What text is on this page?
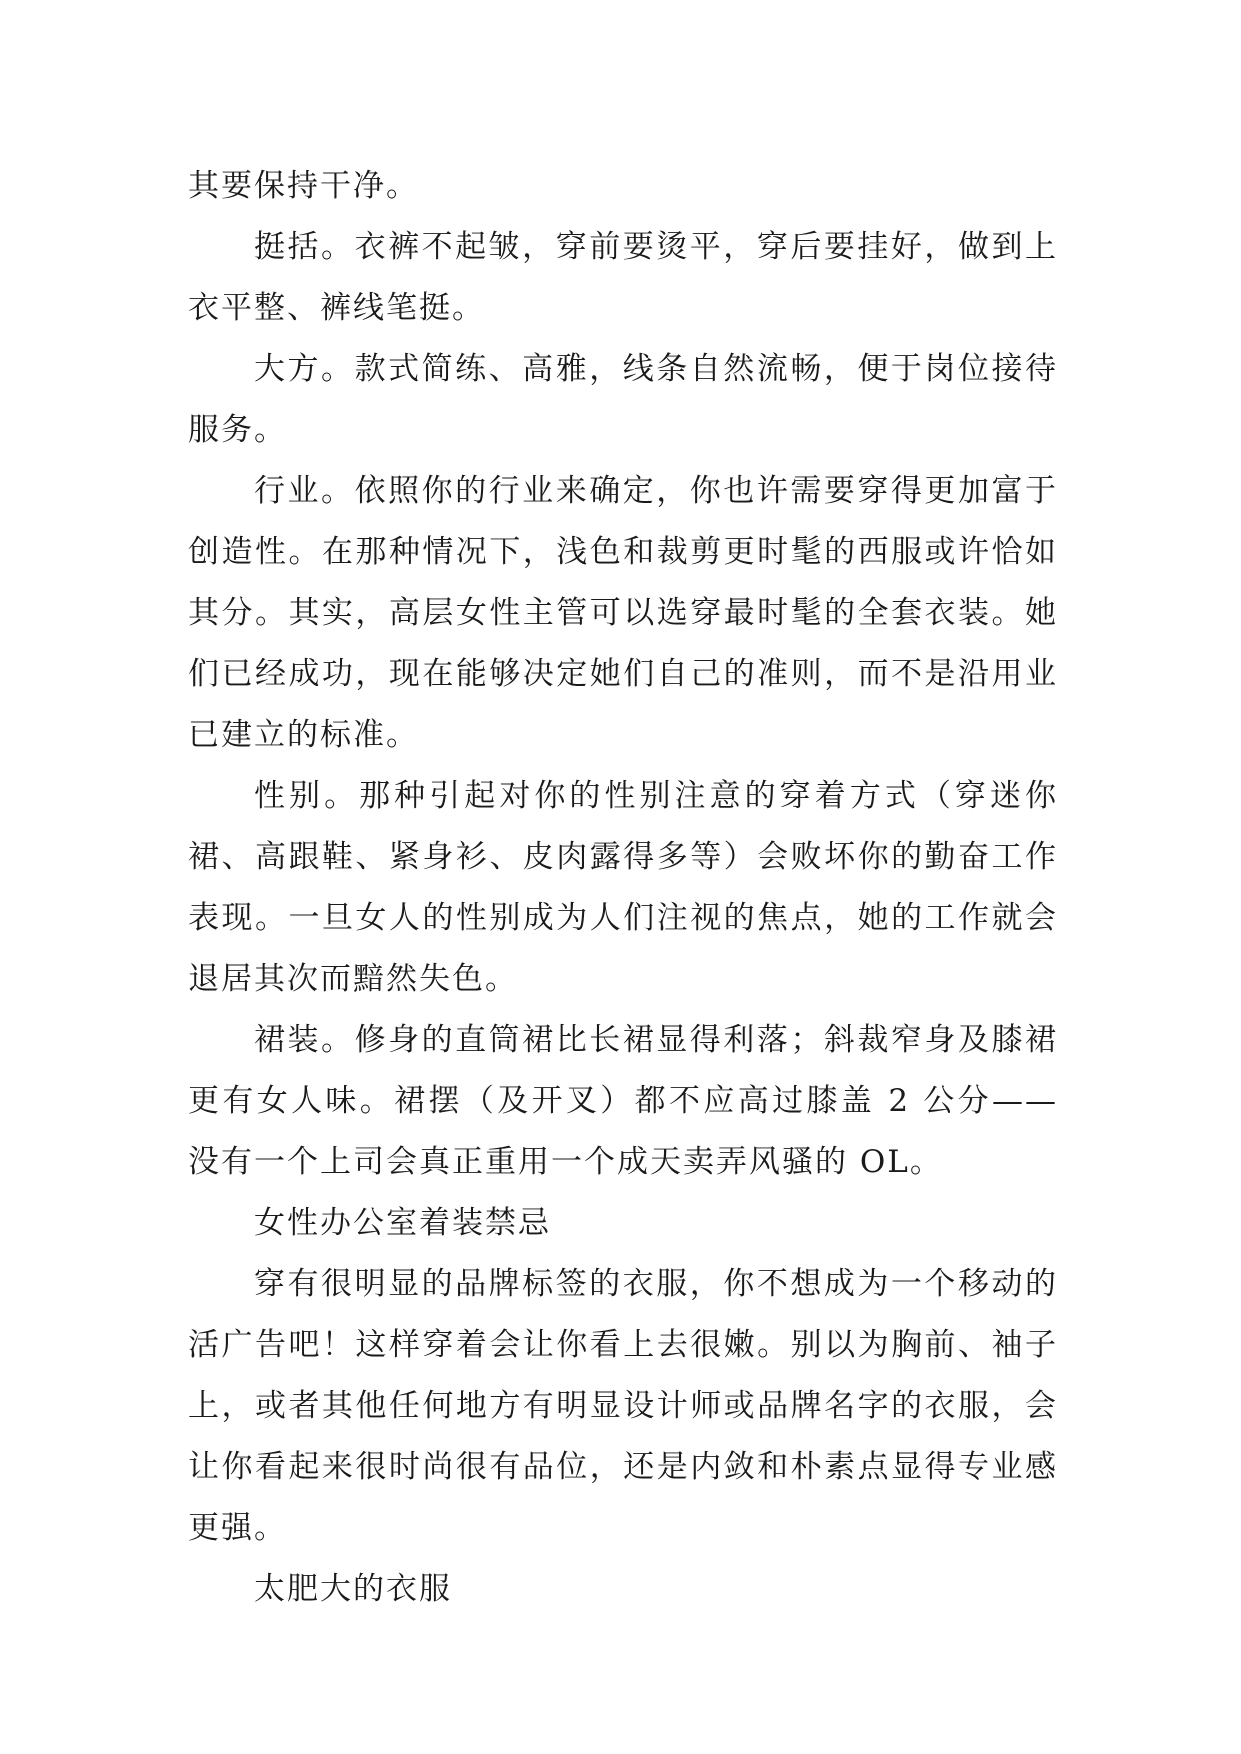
其要保持干净。

挺括。衣裤不起皱，穿前要烫平，穿后要挂好，做到上衣平整、裤线笔挺。

大方。款式简练、高雅，线条自然流畅，便于岗位接待服务。

行业。依照你的行业来确定，你也许需要穿得更加富于创造性。在那种情况下，浅色和裁剪更时髦的西服或许恰如其分。其实，高层女性主管可以选穿最时髦的全套衣装。她们已经成功，现在能够决定她们自己的准则，而不是沿用业已建立的标准。

性别。那种引起对你的性别注意的穿着方式（穿迷你裙、高跟鞋、紧身衫、皮肉露得多等）会败坏你的勤奋工作表现。一旦女人的性别成为人们注视的焦点，她的工作就会退居其次而黯然失色。

裙装。修身的直筒裙比长裙显得利落；斜裁窄身及膝裙更有女人味。裙摆（及开叉）都不应高过膝盖 2 公分——没有一个上司会真正重用一个成天卖弄风骚的 OL。

女性办公室着装禁忌

穿有很明显的品牌标签的衣服，你不想成为一个移动的活广告吧！这样穿着会让你看上去很嫩。别以为胸前、袖子上，或者其他任何地方有明显设计师或品牌名字的衣服，会让你看起来很时尚很有品位，还是内敛和朴素点显得专业感更强。

太肥大的衣服
